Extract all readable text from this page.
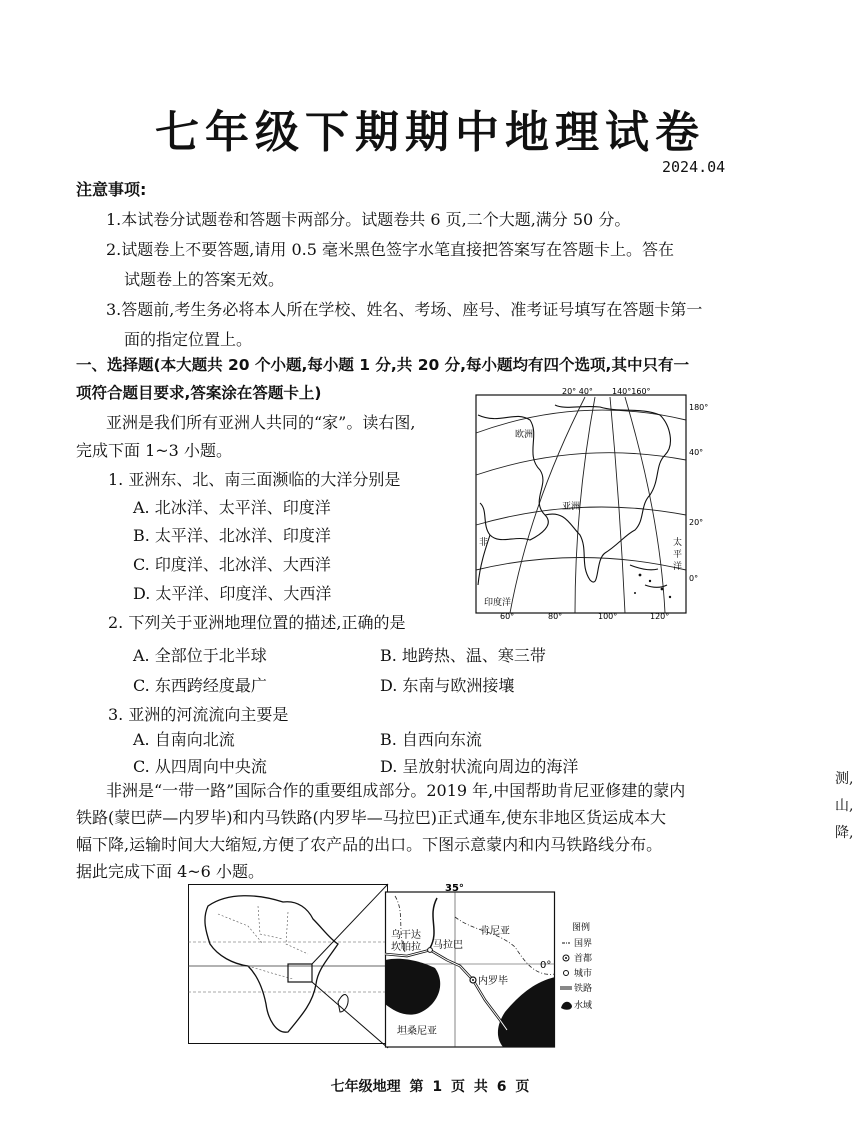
七年级下期期中地理试卷
2024.04
注意事项:
1.本试卷分试题卷和答题卡两部分。试题卷共 6 页,二个大题,满分 50 分。
2.试题卷上不要答题,请用 0.5 毫米黑色签字水笔直接把答案写在答题卡上。答在
试题卷上的答案无效。
3.答题前,考生务必将本人所在学校、姓名、考场、座号、准考证号填写在答题卡第一
面的指定位置上。
一、选择题(本大题共 20 个小题,每小题 1 分,共 20 分,每小题均有四个选项,其中只有一
项符合题目要求,答案涂在答题卡上)
亚洲是我们所有亚洲人共同的“家”。读右图,
完成下面 1~3 小题。
1. 亚洲东、北、南三面濒临的大洋分别是
A. 北冰洋、太平洋、印度洋
B. 太平洋、北冰洋、印度洋
C. 印度洋、北冰洋、大西洋
D. 太平洋、印度洋、大西洋
2. 下列关于亚洲地理位置的描述,正确的是
A. 全部位于北半球	B. 地跨热、温、寒三带
C. 东西跨经度最广	D. 东南与欧洲接壤
3. 亚洲的河流流向主要是
A. 自南向北流	B. 自西向东流
C. 从四周向中央流	D. 呈放射状流向周边的海洋
非洲是“一带一路”国际合作的重要组成部分。2019 年,中国帮助肯尼亚修建的蒙内
铁路(蒙巴萨—内罗毕)和内马铁路(内罗毕—马拉巴)正式通车,使东非地区货运成本大
幅下降,运输时间大大缩短,方便了农产品的出口。下图示意蒙内和内马铁路线分布。
据此完成下面 4~6 小题。
测,
山,
降,
20° 40° 140°160°
180°
40°
20°
0°
60°	80°	100°	120°
欧洲
亚洲
印度洋
太
平
洋
非
35°
肯尼亚
乌干达
坎帕拉 马拉巴
内罗毕
坦桑尼亚
0°
图例
国界
首都
城市
铁路
水域
七年级地理 第 1 页 共 6 页
